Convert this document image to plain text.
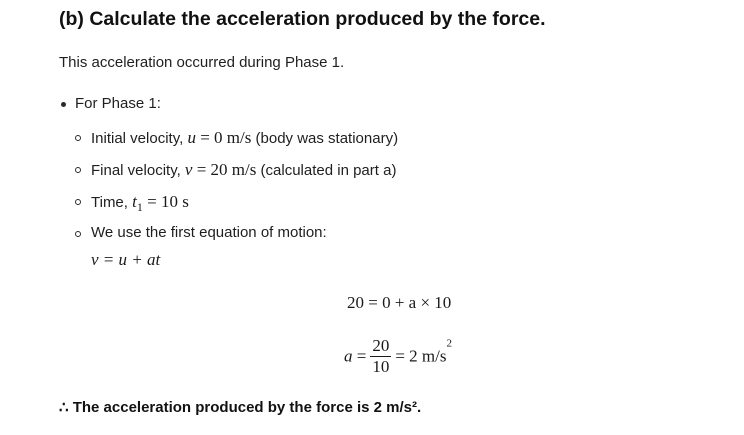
(b) Calculate the acceleration produced by the force.
This acceleration occurred during Phase 1.
For Phase 1:
Initial velocity, u = 0 m/s (body was stationary)
Final velocity, v = 20 m/s (calculated in part a)
Time, $t_1 = 10$ s
We use the first equation of motion:
v = u + at
20 = 0 + a × 10
$a = \frac{20}{10} = 2$ $m/s^2$
∴ The acceleration produced by the force is 2 m/s².
